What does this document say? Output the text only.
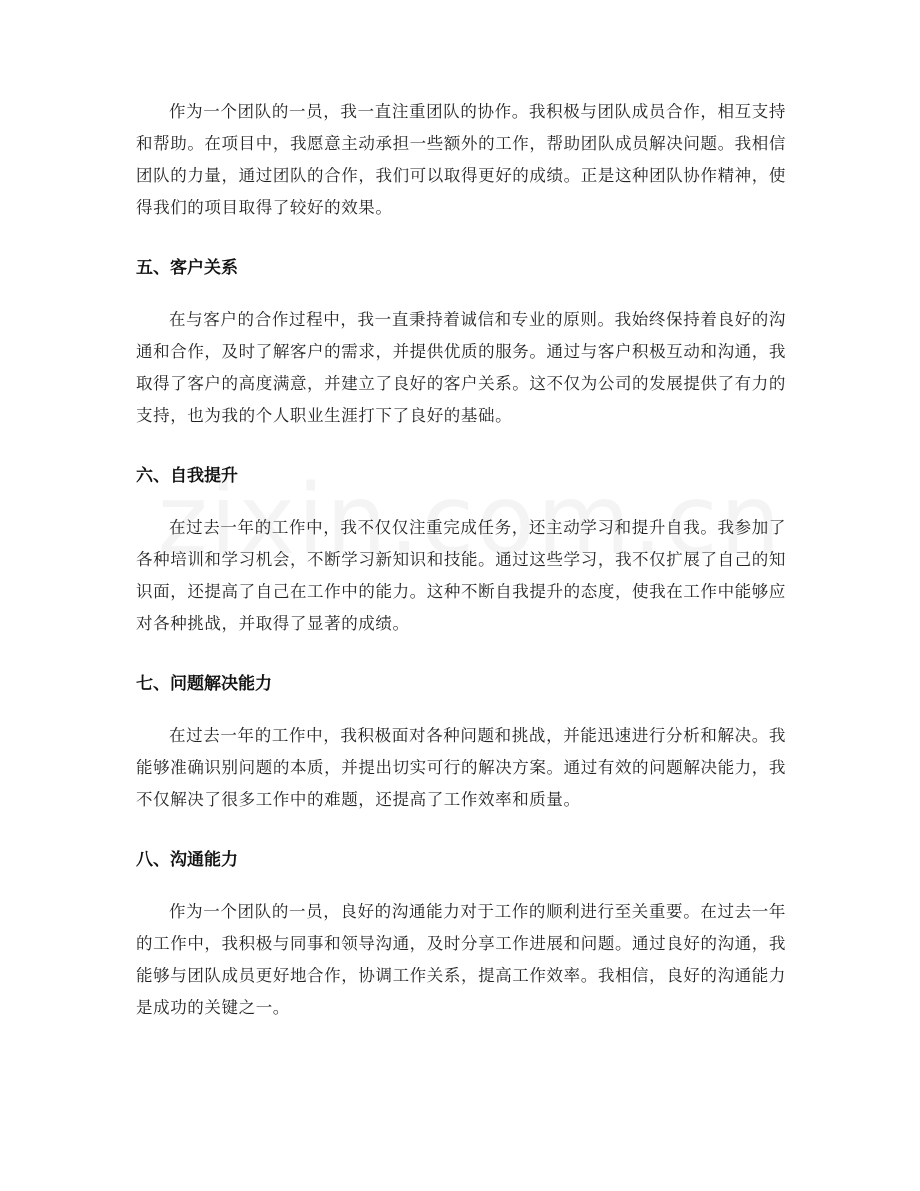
作为一个团队的一员，我一直注重团队的协作。我积极与团队成员合作，相互支持和帮助。在项目中，我愿意主动承担一些额外的工作，帮助团队成员解决问题。我相信团队的力量，通过团队的合作，我们可以取得更好的成绩。正是这种团队协作精神，使得我们的项目取得了较好的效果。

五、客户关系

在与客户的合作过程中，我一直秉持着诚信和专业的原则。我始终保持着良好的沟通和合作，及时了解客户的需求，并提供优质的服务。通过与客户积极互动和沟通，我取得了客户的高度满意，并建立了良好的客户关系。这不仅为公司的发展提供了有力的支持，也为我的个人职业生涯打下了良好的基础。

六、自我提升

在过去一年的工作中，我不仅仅注重完成任务，还主动学习和提升自我。我参加了各种培训和学习机会，不断学习新知识和技能。通过这些学习，我不仅扩展了自己的知识面，还提高了自己在工作中的能力。这种不断自我提升的态度，使我在工作中能够应对各种挑战，并取得了显著的成绩。

七、问题解决能力

在过去一年的工作中，我积极面对各种问题和挑战，并能迅速进行分析和解决。我能够准确识别问题的本质，并提出切实可行的解决方案。通过有效的问题解决能力，我不仅解决了很多工作中的难题，还提高了工作效率和质量。

八、沟通能力

作为一个团队的一员，良好的沟通能力对于工作的顺利进行至关重要。在过去一年的工作中，我积极与同事和领导沟通，及时分享工作进展和问题。通过良好的沟通，我能够与团队成员更好地合作，协调工作关系，提高工作效率。我相信，良好的沟通能力是成功的关键之一。
